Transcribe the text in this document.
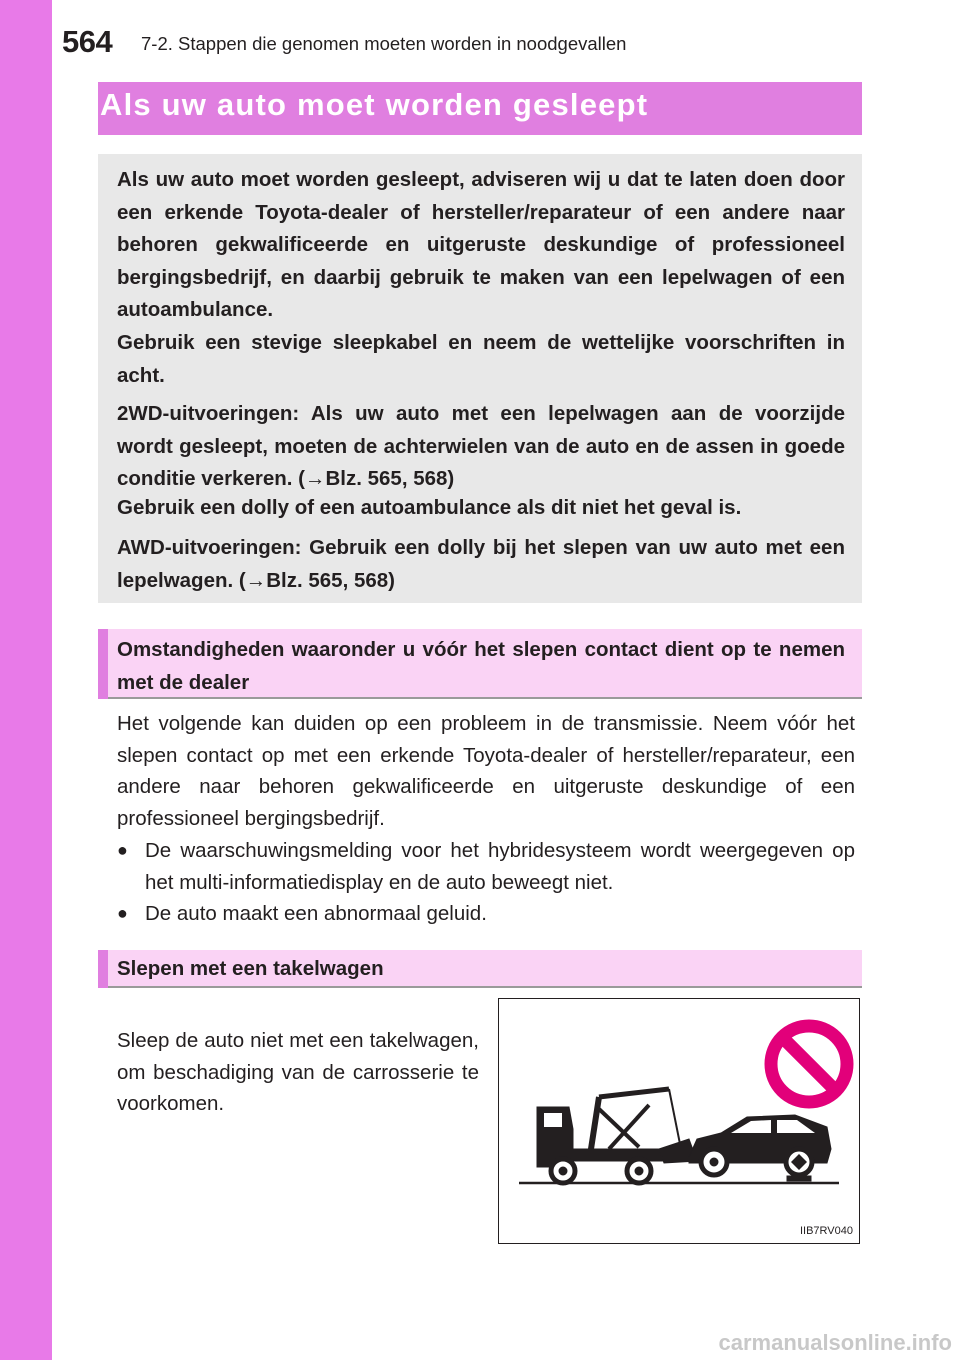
564 7-2. Stappen die genomen moeten worden in noodgevallen
Als uw auto moet worden gesleept

Als uw auto moet worden gesleept, adviseren wij u dat te laten doen door een erkende Toyota-dealer of hersteller/reparateur of een andere naar behoren gekwalificeerde en uitgeruste deskundige of professioneel bergingsbedrijf, en daarbij gebruik te maken van een lepelwagen of een autoambulance.

Gebruik een stevige sleepkabel en neem de wettelijke voorschriften in acht.

2WD-uitvoeringen: Als uw auto met een lepelwagen aan de voorzijde wordt gesleept, moeten de achterwielen van de auto en de assen in goede conditie verkeren. (→Blz. 565, 568)

Gebruik een dolly of een autoambulance als dit niet het geval is.

AWD-uitvoeringen: Gebruik een dolly bij het slepen van uw auto met een lepelwagen. (→Blz. 565, 568)

Omstandigheden waaronder u vóór het slepen contact dient op te nemen met de dealer

Het volgende kan duiden op een probleem in de transmissie. Neem vóór het slepen contact op met een erkende Toyota-dealer of hersteller/reparateur, een andere naar behoren gekwalificeerde en uitgeruste deskundige of een professioneel bergingsbedrijf.

● De waarschuwingsmelding voor het hybridesysteem wordt weergegeven op het multi-informatiedisplay en de auto beweegt niet.
● De auto maakt een abnormaal geluid.

Slepen met een takelwagen

Sleep de auto niet met een takelwagen, om beschadiging van de carrosserie te voorkomen.

IIB7RV040
carmanualsonline.info
